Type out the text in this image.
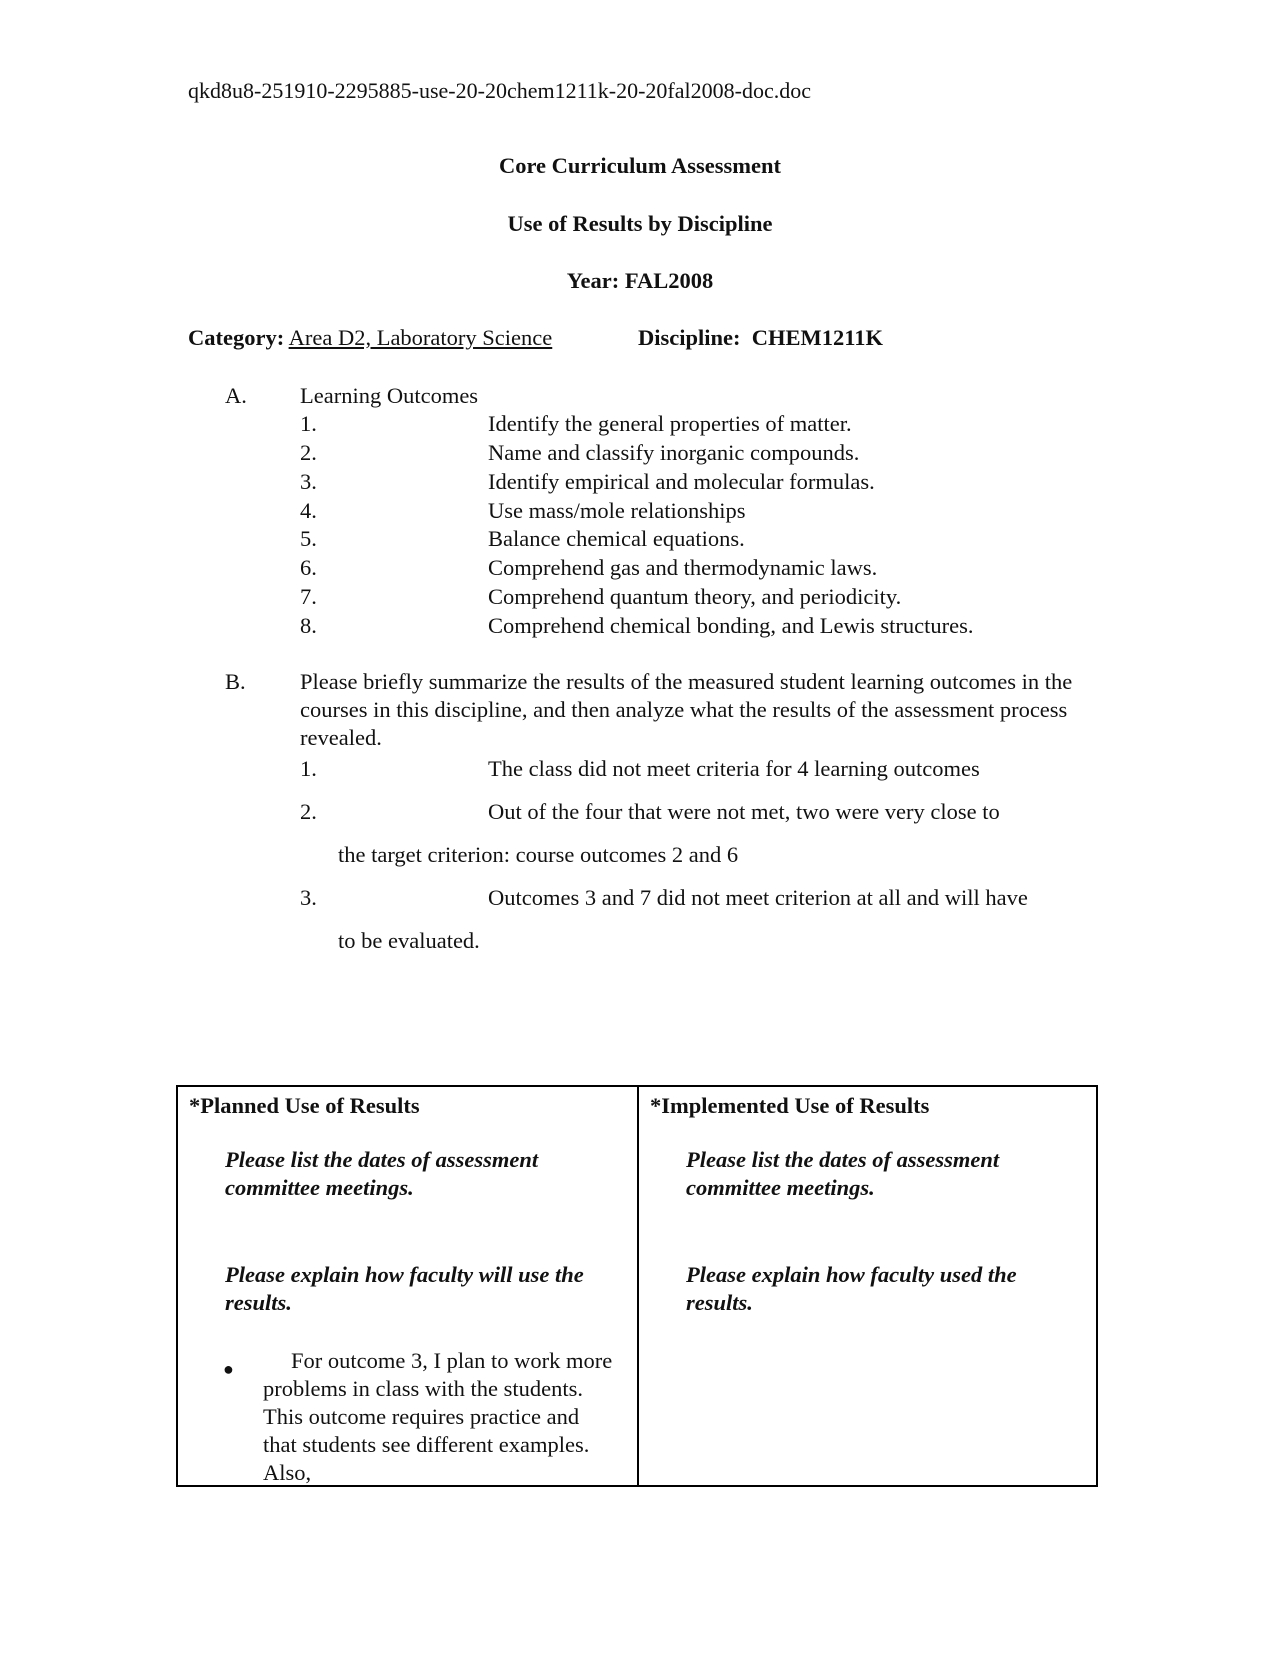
qkd8u8-251910-2295885-use-20-20chem1211k-20-20fal2008-doc.doc
Core Curriculum Assessment
Use of Results by Discipline
Year: FAL2008
Category: Area D2, Laboratory Science	Discipline: CHEM1211K
A. Learning Outcomes
1.	Identify the general properties of matter.
2.	Name and classify inorganic compounds.
3.	Identify empirical and molecular formulas.
4.	Use mass/mole relationships
5.	Balance chemical equations.
6.	Comprehend gas and thermodynamic laws.
7.	Comprehend quantum theory, and periodicity.
8.	Comprehend chemical bonding, and Lewis structures.
B. Please briefly summarize the results of the measured student learning outcomes in the courses in this discipline, and then analyze what the results of the assessment process revealed.
1.	The class did not meet criteria for 4 learning outcomes
2.	Out of the four that were not met, two were very close to
the target criterion: course outcomes 2 and 6
3.	Outcomes 3 and 7 did not meet criterion at all and will have
to be evaluated.
*Planned Use of Results
Please list the dates of assessment committee meetings.
Please explain how faculty will use the results.
●	For outcome 3, I plan to work more problems in class with the students. This outcome requires practice and that students see different examples. Also,
*Implemented Use of Results
Please list the dates of assessment committee meetings.
Please explain how faculty used the results.
